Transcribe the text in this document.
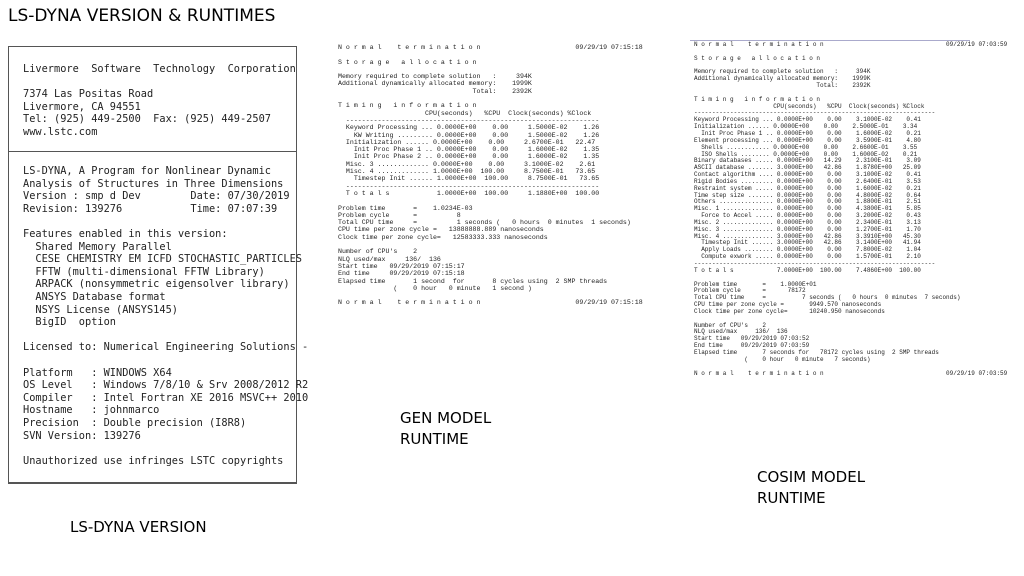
LS-DYNA VERSION & RUNTIMES
Livermore  Software  Technology  Corporation
7374 Las Positas Road
Livermore, CA 94551
Tel: (925) 449-2500  Fax: (925) 449-2507
www.lstc.com
LS-DYNA, A Program for Nonlinear Dynamic
Analysis of Structures in Three Dimensions
Version : smp d Dev        Date: 07/30/2019
Revision: 139276           Time: 07:07:39
Features enabled in this version:
Shared Memory Parallel
CESE CHEMISTRY EM ICFD STOCHASTIC_PARTICLES
FFTW (multi-dimensional FFTW Library)
ARPACK (nonsymmetric eigensolver library)
ANSYS Database format
NSYS License (ANSYS145)
BigID  option
Licensed to: Numerical Engineering Solutions -
Platform   : WINDOWS X64
OS Level   : Windows 7/8/10 & Srv 2008/2012 R2
Compiler   : Intel Fortran XE 2016 MSVC++ 2010
Hostname   : johnmarco
Precision  : Double precision (I8R8)
SVN Version: 139276
Unauthorized use infringes LSTC copyrights
LS-DYNA VERSION
N o r m a l    t e r m i n a t i o n                        09/29/19 07:15:18

S t o r a g e   a l l o c a t i o n

Memory required to complete solution   :     394K
Additional dynamically allocated memory:    1999K
Total:    2392K

T i m i n g   i n f o r m a t i o n
CPU(seconds)   %CPU  Clock(seconds) %Clock
----------------------------------------------------------------
Keyword Processing ... 0.0000E+00    0.00     1.5000E-02    1.26
KW Writing ......... 0.0000E+00    0.00     1.5000E-02    1.26
Initialization ...... 0.0000E+00    0.00     2.6700E-01   22.47
Init Proc Phase 1 .. 0.0000E+00    0.00     1.6000E-02    1.35
Init Proc Phase 2 .. 0.0000E+00    0.00     1.6000E-02    1.35
Misc. 3 ............. 0.0000E+00    0.00     3.1000E-02    2.61
Misc. 4 ............. 1.0000E+00  100.00     8.7500E-01   73.65
Timestep Init ...... 1.0000E+00  100.00     8.7500E-01   73.65
----------------------------------------------------------------
T o t a l s            1.0000E+00  100.00     1.1880E+00  100.00

Problem time       =    1.0234E-03
Problem cycle      =          8
Total CPU time     =          1 seconds (   0 hours  0 minutes  1 seconds)
CPU time per zone cycle =   13888888.889 nanoseconds
Clock time per zone cycle=   12583333.333 nanoseconds

Number of CPU's    2
NLQ used/max     136/  136
Start time   09/29/2019 07:15:17
End time     09/29/2019 07:15:18
Elapsed time       1 second  for       8 cycles using  2 SMP threads
(    0 hour   0 minute   1 second )

N o r m a l    t e r m i n a t i o n                        09/29/19 07:15:18
GEN MODEL
RUNTIME
N o r m a l    t e r m i n a t i o n                                  09/29/19 07:03:59

S t o r a g e   a l l o c a t i o n

Memory required to complete solution   :     394K
Additional dynamically allocated memory:    1999K
Total:    2392K

T i m i n g   i n f o r m a t i o n
CPU(seconds)   %CPU  Clock(seconds) %Clock
-------------------------------------------------------------------
Keyword Processing ... 0.0000E+00    0.00    3.1000E-02    0.41
Initialization ...... 0.0000E+00    0.00    2.5000E-01    3.34
Init Proc Phase 1 .. 0.0000E+00    0.00    1.6000E-02    0.21
Element processing ... 0.0000E+00    0.00    3.5900E-01    4.80
Shells ............ 0.0000E+00    0.00    2.6600E-01    3.55
ISO Shells ........ 0.0000E+00    0.00    1.6000E-02    0.21
Binary databases ..... 0.0000E+00   14.29    2.3100E-01    3.09
ASCII database ....... 3.0000E+00   42.86    1.8780E+00   25.09
Contact algorithm .... 0.0000E+00    0.00    3.1000E-02    0.41
Rigid Bodies ......... 0.0000E+00    0.00    2.6400E-01    3.53
Restraint system ..... 0.0000E+00    0.00    1.6000E-02    0.21
Time step size ....... 0.0000E+00    0.00    4.8000E-02    0.64
Others ............... 0.0000E+00    0.00    1.8800E-01    2.51
Misc. 1 .............. 0.0000E+00    0.00    4.3800E-01    5.85
Force to Accel ..... 0.0000E+00    0.00    3.2000E-02    0.43
Misc. 2 .............. 0.0000E+00    0.00    2.3400E-01    3.13
Misc. 3 .............. 0.0000E+00    0.00    1.2700E-01    1.70
Misc. 4 .............. 3.0000E+00   42.86    3.3910E+00   45.30
Timestep Init ...... 3.0000E+00   42.86    3.1400E+00   41.94
Apply Loads ........ 0.0000E+00    0.00    7.8000E-02    1.04
Compute exwork ..... 0.0000E+00    0.00    1.5700E-01    2.10
-------------------------------------------------------------------
T o t a l s            7.0000E+00  100.00    7.4860E+00  100.00

Problem time       =    1.0000E+01
Problem cycle      =      78172
Total CPU time     =          7 seconds (   0 hours  0 minutes  7 seconds)
CPU time per zone cycle =       9949.570 nanoseconds
Clock time per zone cycle=      10240.950 nanoseconds

Number of CPU's    2
NLQ used/max     136/  136
Start time   09/29/2019 07:03:52
End time     09/29/2019 07:03:59
Elapsed time       7 seconds for   78172 cycles using  2 SMP threads
(    0 hour   0 minute   7 seconds)

N o r m a l    t e r m i n a t i o n                                  09/29/19 07:03:59
COSIM MODEL
RUNTIME
